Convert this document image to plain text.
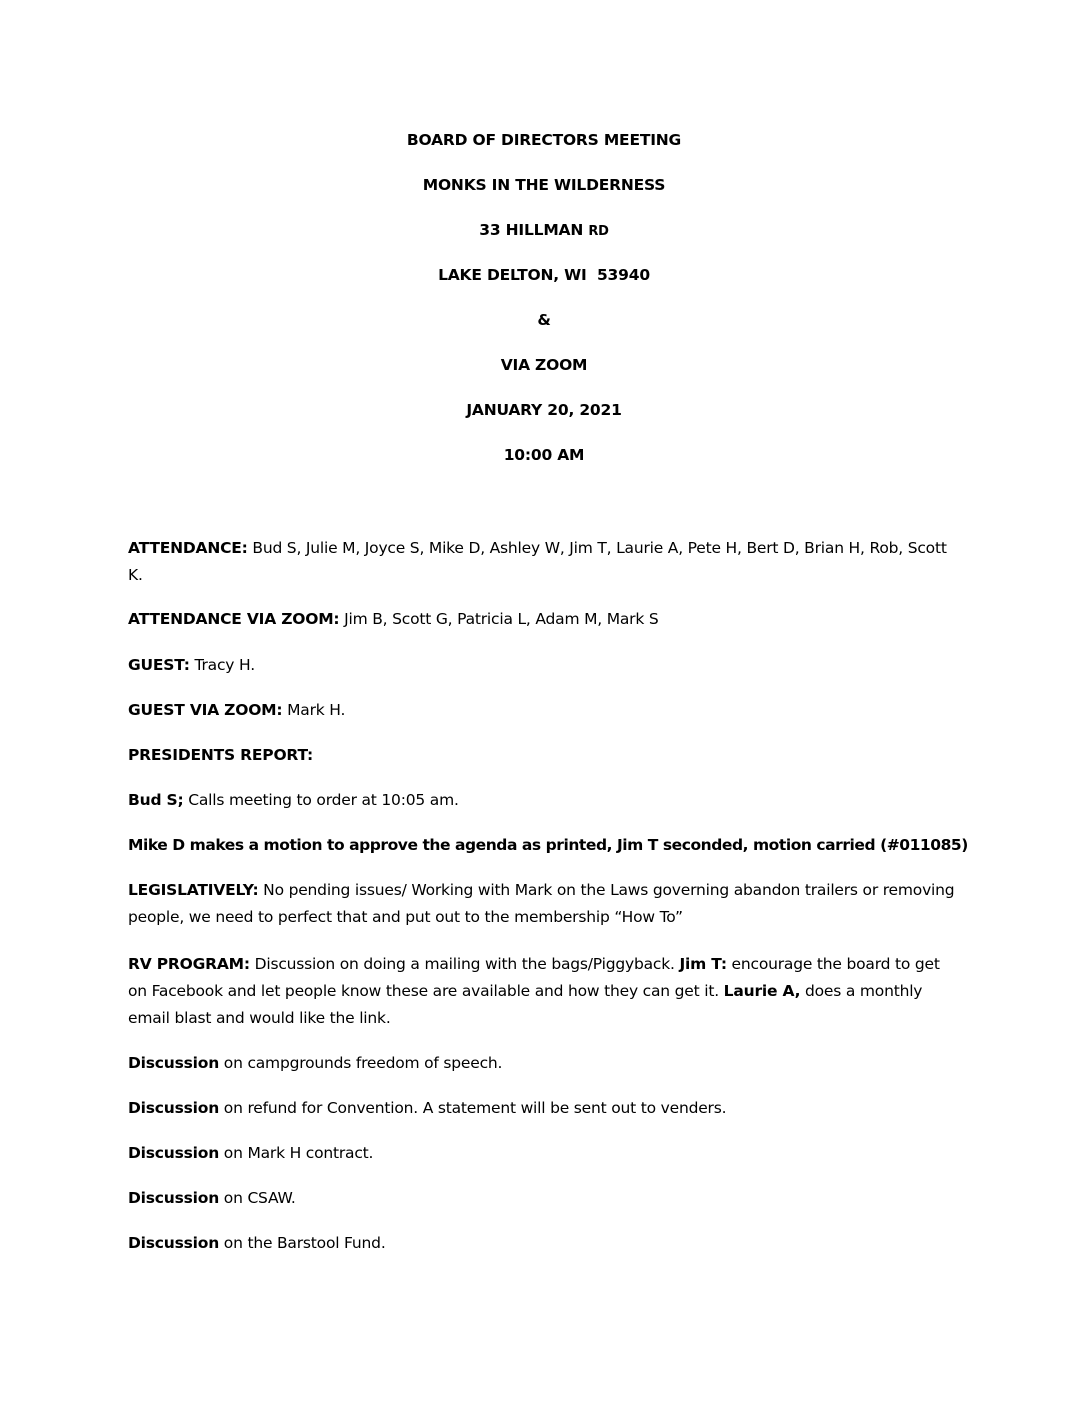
BOARD OF DIRECTORS MEETING
MONKS IN THE WILDERNESS
33 HILLMAN RD
LAKE DELTON, WI  53940
&
VIA ZOOM
JANUARY 20, 2021
10:00 AM
ATTENDANCE: Bud S, Julie M, Joyce S, Mike D, Ashley W, Jim T, Laurie A, Pete H, Bert D, Brian H, Rob, Scott K.
ATTENDANCE VIA ZOOM: Jim B, Scott G, Patricia L, Adam M, Mark S
GUEST: Tracy H.
GUEST VIA ZOOM: Mark H.
PRESIDENTS REPORT:
Bud S; Calls meeting to order at 10:05 am.
Mike D makes a motion to approve the agenda as printed, Jim T seconded, motion carried (#011085)
LEGISLATIVELY: No pending issues/ Working with Mark on the Laws governing abandon trailers or removing people, we need to perfect that and put out to the membership “How To”
RV PROGRAM: Discussion on doing a mailing with the bags/Piggyback. Jim T: encourage the board to get on Facebook and let people know these are available and how they can get it. Laurie A, does a monthly email blast and would like the link.
Discussion on campgrounds freedom of speech.
Discussion on refund for Convention. A statement will be sent out to venders.
Discussion on Mark H contract.
Discussion on CSAW.
Discussion on the Barstool Fund.
